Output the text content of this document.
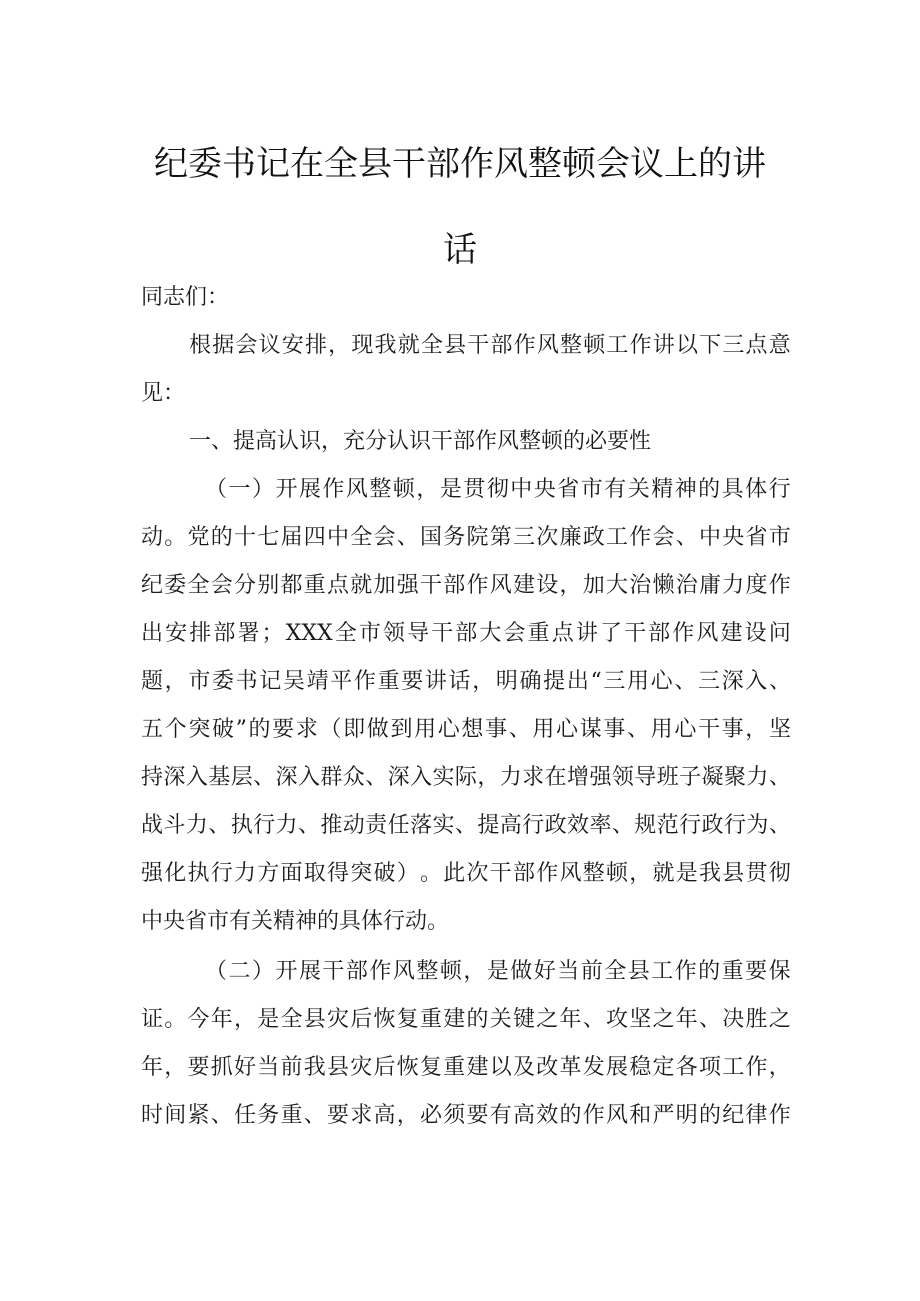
纪委书记在全县干部作风整顿会议上的讲
话
同志们：
根 据 会 议 安 排 ， 现 我 就 全 县 干 部 作 风 整 顿 工 作 讲 以 下 三 点 意
见：
一、提高认识，充分认识干部作风整顿的必要性
（ 一 ） 开 展 作 风 整 顿 ， 是 贯 彻 中 央 省 市 有 关 精 神 的 具 体 行
动 。 党 的 十 七 届 四 中 全 会 、 国 务 院 第 三 次 廉 政 工 作 会 、 中 央 省 市
纪 委 全 会 分 别 都 重 点 就 加 强 干 部 作 风 建 设 ， 加 大 治 懒 治 庸 力 度 作
出 安 排 部 署 ； XXX 全 市 领 导 干 部 大 会 重 点 讲 了 干 部 作 风 建 设 问
题 ， 市 委 书 记 吴 靖 平 作 重 要 讲 话 ， 明 确 提 出 “ 三 用 心 、 三 深 入 、
五 个 突 破 ” 的 要 求 （ 即 做 到 用 心 想 事 、 用 心 谋 事 、 用 心 干 事 ， 坚
持 深 入 基 层 、 深 入 群 众 、 深 入 实 际 ， 力 求 在 增 强 领 导 班 子 凝 聚 力 、
战 斗 力 、 执 行 力 、 推 动 责 任 落 实 、 提 高 行 政 效 率 、 规 范 行 政 行 为 、
强 化 执 行 力 方 面 取 得 突 破 ） 。 此 次 干 部 作 风 整 顿 ， 就 是 我 县 贯 彻
中央省市有关精神的具体行动。
（ 二 ） 开 展 干 部 作 风 整 顿 ， 是 做 好 当 前 全 县 工 作 的 重 要 保
证 。 今 年 ， 是 全 县 灾 后 恢 复 重 建 的 关 键 之 年 、 攻 坚 之 年 、 决 胜 之
年 ， 要 抓 好 当 前 我 县 灾 后 恢 复 重 建 以 及 改 革 发 展 稳 定 各 项 工 作 ，
时 间 紧 、 任 务 重 、 要 求 高 ， 必 须 要 有 高 效 的 作 风 和 严 明 的 纪 律 作
